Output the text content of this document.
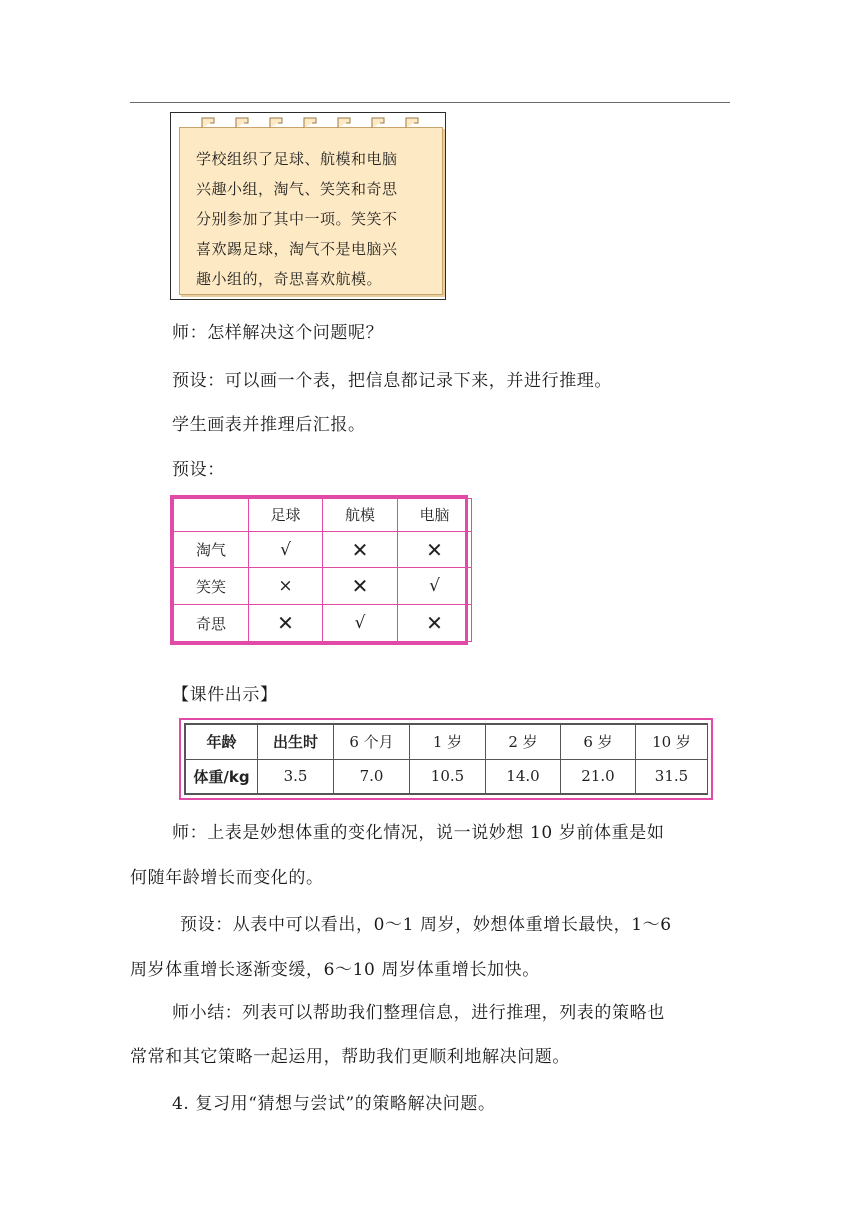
学校组织了足球、航模和电脑
兴趣小组，淘气、笑笑和奇思
分别参加了其中一项。笑笑不
喜欢踢足球，淘气不是电脑兴
趣小组的，奇思喜欢航模。
师：怎样解决这个问题呢？
预设：可以画一个表，把信息都记录下来，并进行推理。
学生画表并推理后汇报。
预设：
	足球	航模	电脑
淘气	√	✕	✕
笑笑	×	✕	√
奇思	✕	√	✕
【课件出示】
年龄	出生时	6 个月	1 岁	2 岁	6 岁	10 岁
体重/kg	3.5	7.0	10.5	14.0	21.0	31.5
师：上表是妙想体重的变化情况，说一说妙想 10 岁前体重是如
何随年龄增长而变化的。
预设：从表中可以看出，0～1 周岁，妙想体重增长最快，1～6
周岁体重增长逐渐变缓，6～10 周岁体重增长加快。
师小结：列表可以帮助我们整理信息，进行推理，列表的策略也
常常和其它策略一起运用，帮助我们更顺利地解决问题。
4. 复习用“猜想与尝试”的策略解决问题。
